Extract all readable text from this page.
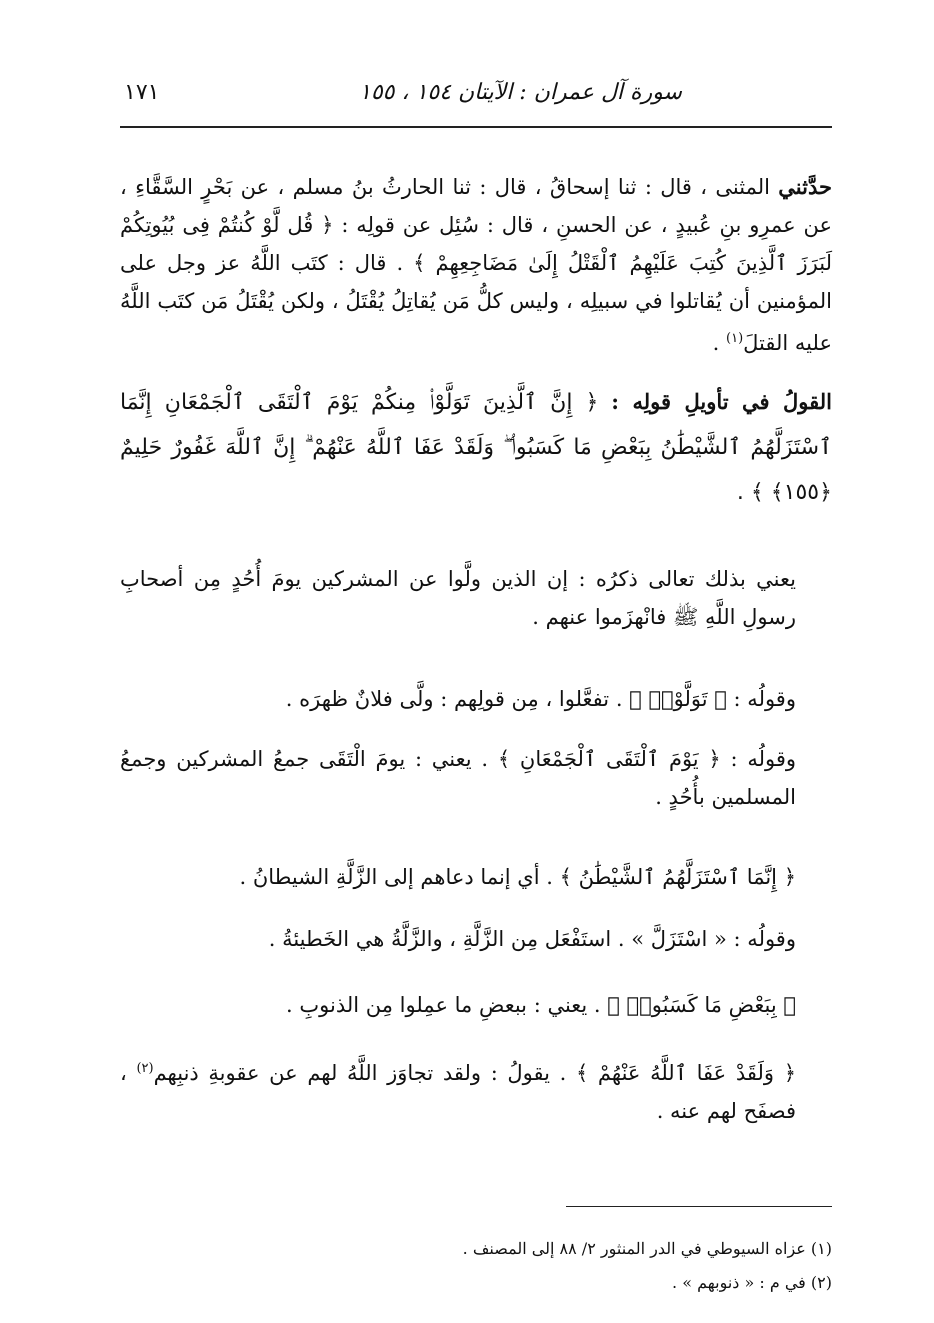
سورة آل عمران : الآيتان ١٥٤ ، ١٥٥
١٧١

حدَّثني المثنى ، قال : ثنا إسحاقُ ، قال : ثنا الحارثُ بنُ مسلم ، عن بَحْرٍ السَّقَّاءِ ، عن عمرِو بنِ عُبيدٍ ، عن الحسنِ ، قال : سُئِل عن قولِه : ﴿ قُل لَّوْ كُنتُمْ فِى بُيُوتِكُمْ لَبَرَزَ ٱلَّذِينَ كُتِبَ عَلَيْهِمُ ٱلْقَتْلُ إِلَىٰ مَضَاجِعِهِمْ ﴾ . قال : كتَب اللَّهُ عز وجل على المؤمنين أن يُقاتلوا في سبيلِه ، وليس كلُّ مَن يُقاتِلُ يُقْتَلُ ، ولكن يُقْتَلُ مَن كتَب اللَّهُ عليه القتلَ$^{(١)}$ .

القولُ في تأويلِ قولِه : ﴿ إِنَّ ٱلَّذِينَ تَوَلَّوْا۟ مِنكُمْ يَوْمَ ٱلْتَقَى ٱلْجَمْعَانِ إِنَّمَا ٱسْتَزَلَّهُمُ ٱلشَّيْطَٰنُ بِبَعْضِ مَا كَسَبُوا۟ ۖ وَلَقَدْ عَفَا ٱللَّهُ عَنْهُمْ ۗ إِنَّ ٱللَّهَ غَفُورٌ حَلِيمٌ ﴿١٥٥﴾ ﴾ .

يعني بذلك تعالى ذكرُه : إن الذين ولَّوا عن المشركين يومَ أُحُدٍ مِن أصحابِ رسولِ اللَّهِ ﷺ فانْهزَموا عنهم .

وقولُه : ﴿ تَوَلَّوْا۟ ﴾ . تفعَّلوا ، مِن قولِهم : ولَّى فلانٌ ظهرَه .

وقولُه : ﴿ يَوْمَ ٱلْتَقَى ٱلْجَمْعَانِ ﴾ . يعني : يومَ الْتَقَى جمعُ المشركين وجمعُ المسلمين بأُحُدٍ .

﴿ إِنَّمَا ٱسْتَزَلَّهُمُ ٱلشَّيْطَٰنُ ﴾ . أي إنما دعاهم إلى الزَّلَّةِ الشيطانُ .

وقولُه : « اسْتَزَلَّ » . استَفْعَل مِن الزَّلَّةِ ، والزَّلَّةُ هي الخَطيئةُ .

﴿ بِبَعْضِ مَا كَسَبُوا۟ ﴾ . يعني : ببعضِ ما عمِلوا مِن الذنوبِ .

﴿ وَلَقَدْ عَفَا ٱللَّهُ عَنْهُمْ ﴾ . يقولُ : ولقد تجاوَز اللَّهُ لهم عن عقوبةِ ذنبِهم$^{(٢)}$ ، فصفَح لهم عنه .

(١) عزاه السيوطي في الدر المنثور ٢/ ٨٨ إلى المصنف .
(٢) في م : « ذنوبهم » .
